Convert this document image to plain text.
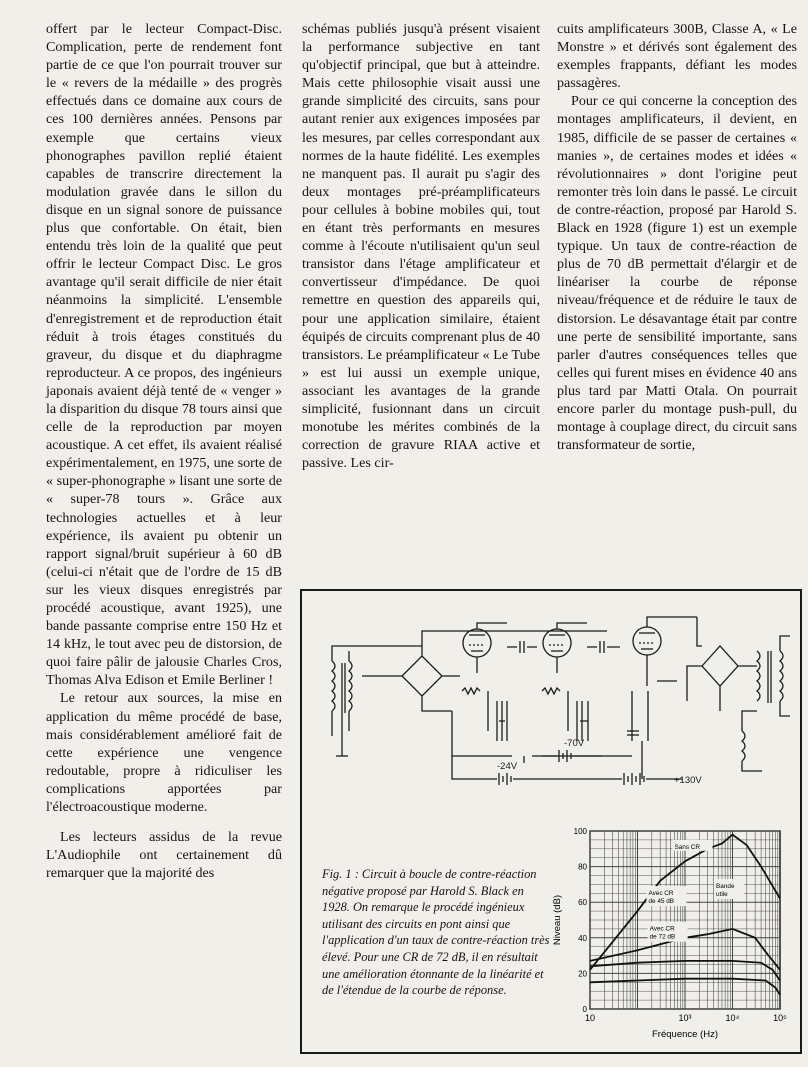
offert par le lecteur Compact-Disc. Complication, perte de rendement font partie de ce que l'on pourrait trouver sur le « revers de la médaille » des progrès effectués dans ce domaine aux cours de ces 100 dernières années. Pensons par exemple que certains vieux phonographes pavillon replié étaient capables de transcrire directement la modulation gravée dans le sillon du disque en un signal sonore de puissance plus que confortable. On était, bien entendu très loin de la qualité que peut offrir le lecteur Compact Disc. Le gros avantage qu'il serait difficile de nier était néanmoins la simplicité. L'ensemble d'enregistrement et de reproduction était réduit à trois étages constitués du graveur, du disque et du diaphragme reproducteur. A ce propos, des ingénieurs japonais avaient déjà tenté de « venger » la disparition du disque 78 tours ainsi que celle de la reproduction par moyen acoustique. A cet effet, ils avaient réalisé expérimentalement, en 1975, une sorte de « super-phonographe » lisant une sorte de « super-78 tours ». Grâce aux technologies actuelles et à leur expérience, ils avaient pu obtenir un rapport signal/bruit supérieur à 60 dB (celui-ci n'était que de l'ordre de 15 dB sur les vieux disques enregistrés par procédé acoustique, avant 1925), une bande passante comprise entre 150 Hz et 14 kHz, le tout avec peu de distorsion, de quoi faire pâlir de jalousie Charles Cros, Thomas Alva Edison et Emile Berliner !

Le retour aux sources, la mise en application du même procédé de base, mais considérablement amélioré fait de cette expérience une vengence redoutable, propre à ridiculiser les complications apportées par l'électroacoustique moderne.

Les lecteurs assidus de la revue L'Audiophile ont certainement dû remarquer que la majorité des

schémas publiés jusqu'à présent visaient la performance subjective en tant qu'objectif principal, que but à atteindre. Mais cette philosophie visait aussi une grande simplicité des circuits, sans pour autant renier aux exigences imposées par les mesures, par celles correspondant aux normes de la haute fidélité. Les exemples ne manquent pas. Il aurait pu s'agir des deux montages pré-préamplificateurs pour cellules à bobine mobiles qui, tout en étant très performants en mesures comme à l'écoute n'utilisaient qu'un seul transistor dans l'étage amplificateur et convertisseur d'impédance. De quoi remettre en question des appareils qui, pour une application similaire, étaient équipés de circuits comprenant plus de 40 transistors. Le préamplificateur « Le Tube » est lui aussi un exemple unique, associant les avantages de la grande simplicité, fusionnant dans un circuit monotube les mérites combinés de la correction de gravure RIAA active et passive. Les cir-

cuits amplificateurs 300B, Classe A, « Le Monstre » et dérivés sont également des exemples frappants, défiant les modes passagères.

Pour ce qui concerne la conception des montages amplificateurs, il devient, en 1985, difficile de se passer de certaines « manies », de certaines modes et idées « révolutionnaires » dont l'origine peut remonter très loin dans le passé. Le circuit de contre-réaction, proposé par Harold S. Black en 1928 (figure 1) est un exemple typique. Un taux de contre-réaction de plus de 70 dB permettait d'élargir et de linéariser la courbe de réponse niveau/fréquence et de réduire le taux de distorsion. Le désavantage était par contre une perte de sensibilité importante, sans parler d'autres conséquences telles que celles qui furent mises en évidence 40 ans plus tard par Matti Otala. On pourrait encore parler du montage push-pull, du montage à couplage direct, du circuit sans transformateur de sortie,

-24V
-70V
+130V
Fig. 1 : Circuit à boucle de contre-réaction négative proposé par Harold S. Black en 1928. On remarque le procédé ingénieux utilisant des circuits en pont ainsi que l'application d'un taux de contre-réaction très élevé. Pour une CR de 72 dB, il en résultait une amélioration étonnante de la linéarité et de l'étendue de la courbe de réponse.
10	10³	10⁴	10⁵
0
20
40
60
80
100
Sans CR
Avec CR de 45 dB
Bande utile
Avec CR de 72 dB
Fréquence (Hz)
Niveau (dB)
